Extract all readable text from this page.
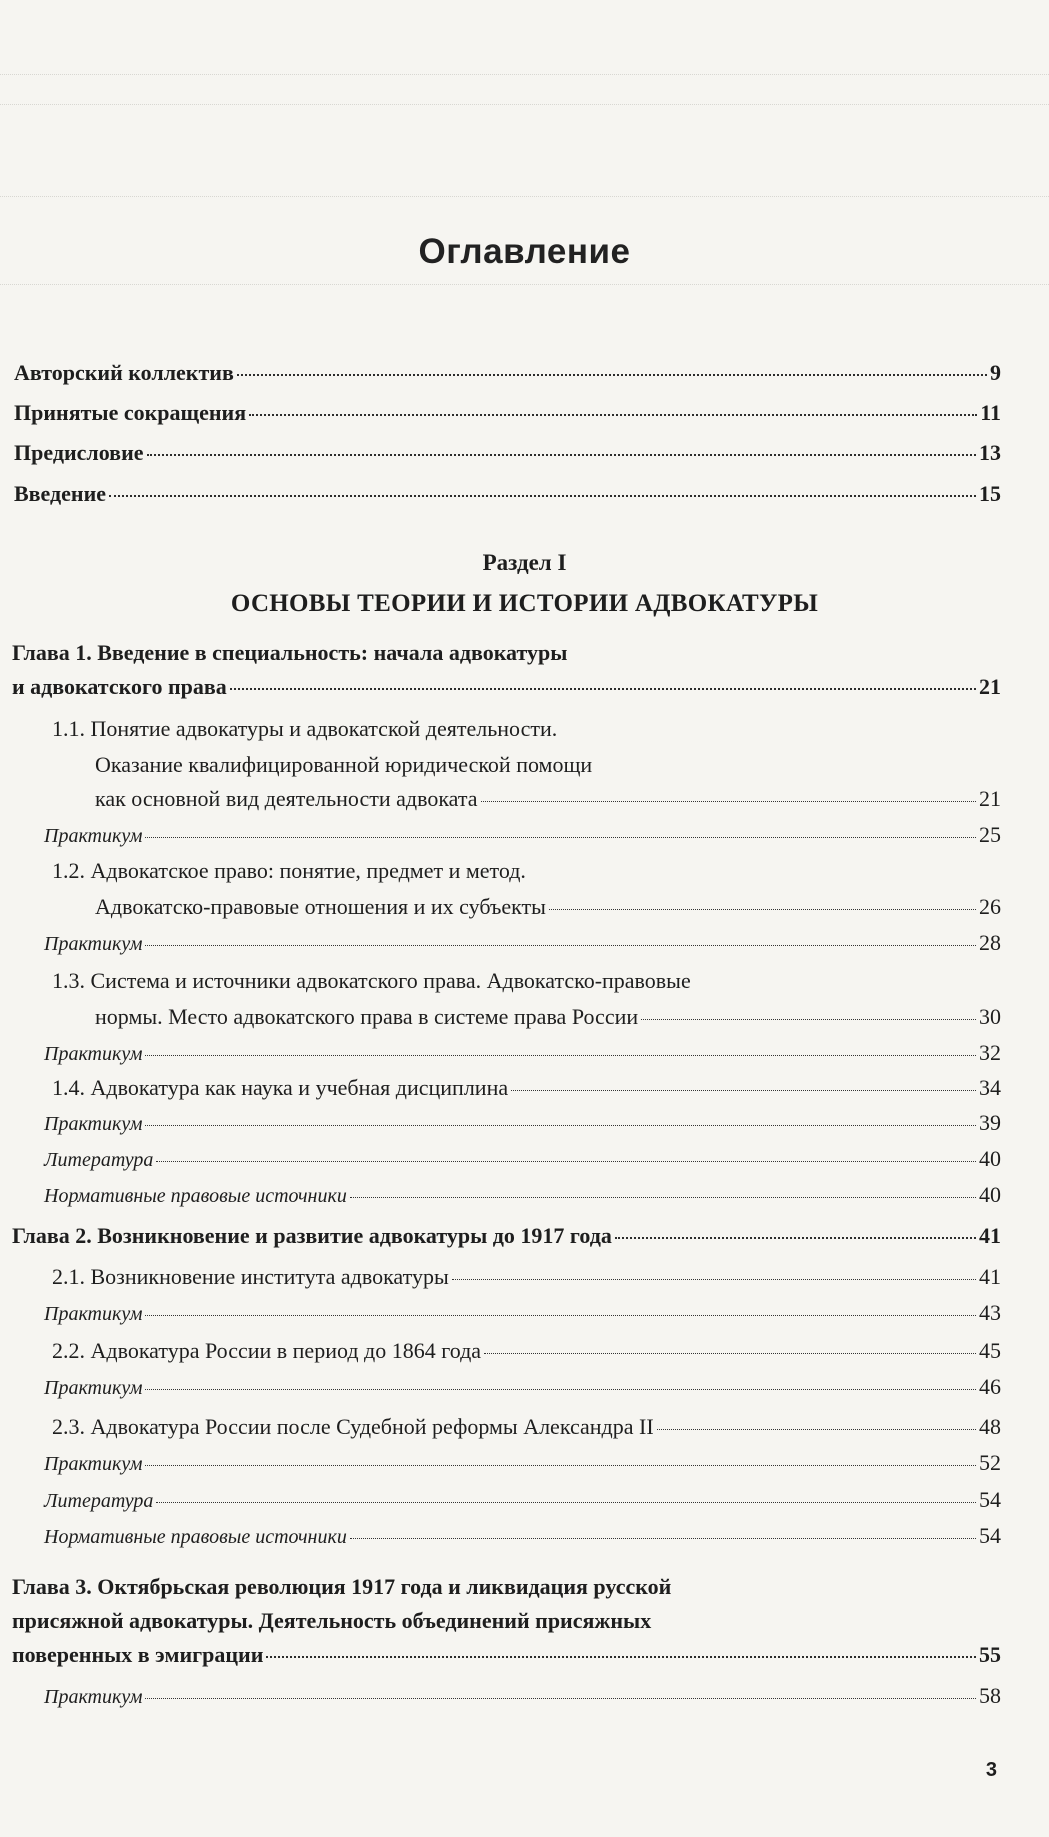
Оглавление
Авторский коллектив	9
Принятые сокращения	11
Предисловие	13
Введение	15
Раздел I
ОСНОВЫ ТЕОРИИ И ИСТОРИИ АДВОКАТУРЫ
Глава 1. Введение в специальность: начала адвокатуры
и адвокатского права	21
1.1. Понятие адвокатуры и адвокатской деятельности.
Оказание квалифицированной юридической помощи
как основной вид деятельности адвоката	21
Практикум	25
1.2. Адвокатское право: понятие, предмет и метод.
Адвокатско-правовые отношения и их субъекты	26
Практикум	28
1.3. Система и источники адвокатского права. Адвокатско-правовые
нормы. Место адвокатского права в системе права России	30
Практикум	32
1.4. Адвокатура как наука и учебная дисциплина	34
Практикум	39
Литература	40
Нормативные правовые источники	40
Глава 2. Возникновение и развитие адвокатуры до 1917 года	41
2.1. Возникновение института адвокатуры	41
Практикум	43
2.2. Адвокатура России в период до 1864 года	45
Практикум	46
2.3. Адвокатура России после Судебной реформы Александра II	48
Практикум	52
Литература	54
Нормативные правовые источники	54
Глава 3. Октябрьская революция 1917 года и ликвидация русской
присяжной адвокатуры. Деятельность объединений присяжных
поверенных в эмиграции	55
Практикум	58
3
